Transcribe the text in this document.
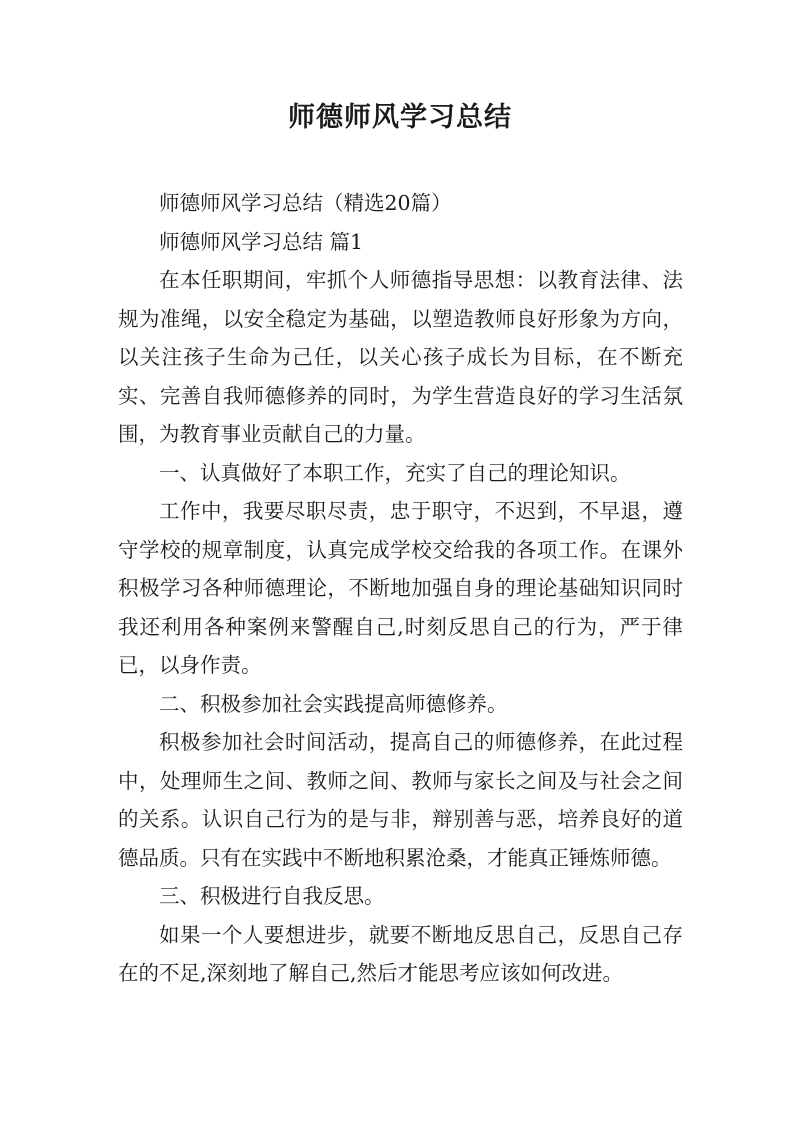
师德师风学习总结

师德师风学习总结（精选20篇）

师德师风学习总结 篇1

在本任职期间，牢抓个人师德指导思想：以教育法律、法规为准绳，以安全稳定为基础，以塑造教师良好形象为方向，以关注孩子生命为己任，以关心孩子成长为目标，在不断充实、完善自我师德修养的同时，为学生营造良好的学习生活氛围，为教育事业贡献自己的力量。

一、认真做好了本职工作，充实了自己的理论知识。

工作中，我要尽职尽责，忠于职守，不迟到，不早退，遵守学校的规章制度，认真完成学校交给我的各项工作。在课外积极学习各种师德理论，不断地加强自身的理论基础知识同时我还利用各种案例来警醒自己,时刻反思自己的行为，严于律已，以身作责。

二、积极参加社会实践提高师德修养。

积极参加社会时间活动，提高自己的师德修养，在此过程中，处理师生之间、教师之间、教师与家长之间及与社会之间的关系。认识自己行为的是与非，辩别善与恶，培养良好的道德品质。只有在实践中不断地积累沧桑，才能真正锤炼师德。

三、积极进行自我反思。

如果一个人要想进步，就要不断地反思自己，反思自己存在的不足,深刻地了解自己,然后才能思考应该如何改进。
